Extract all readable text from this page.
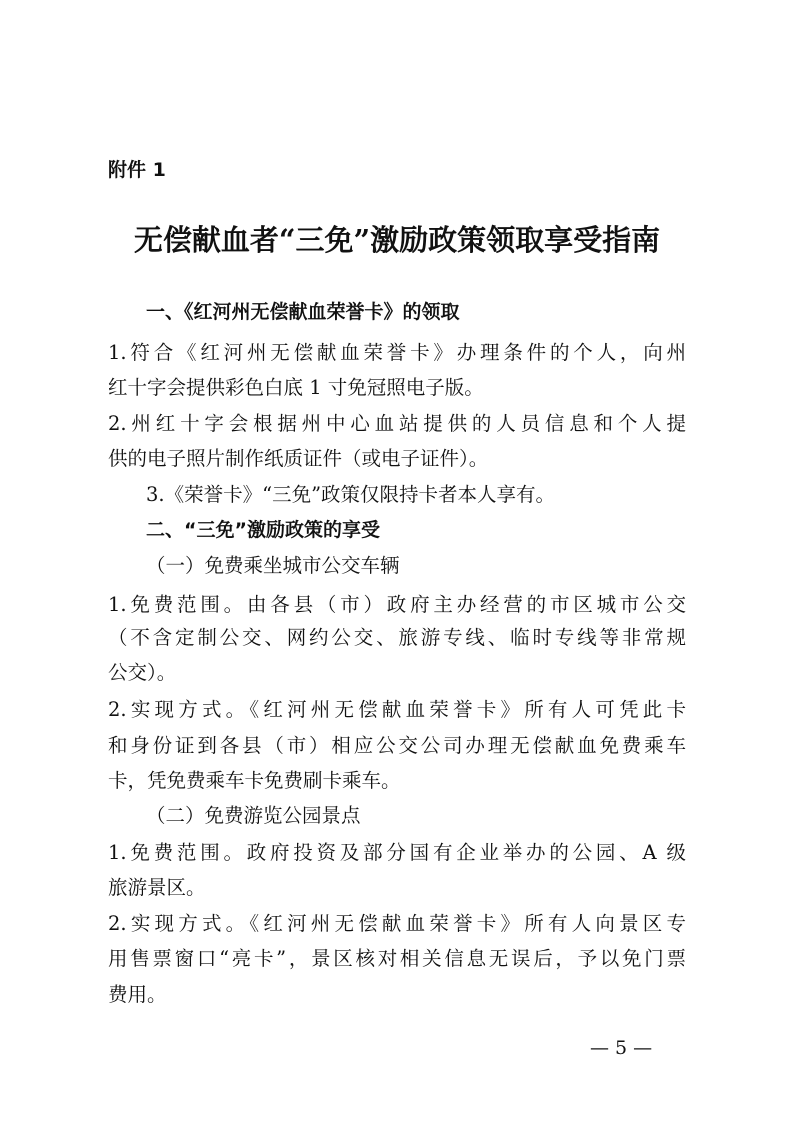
附件 1
无偿献血者“三免”激励政策领取享受指南
一、《红河州无偿献血荣誉卡》的领取
1.符合《红河州无偿献血荣誉卡》办理条件的个人，向州
红十字会提供彩色白底 1 寸免冠照电子版。
2.州红十字会根据州中心血站提供的人员信息和个人提
供的电子照片制作纸质证件（或电子证件）。
3.《荣誉卡》“三免”政策仅限持卡者本人享有。
二、“三免”激励政策的享受
（一）免费乘坐城市公交车辆
1.免费范围。由各县（市）政府主办经营的市区城市公交
（不含定制公交、网约公交、旅游专线、临时专线等非常规
公交）。
2.实现方式。《红河州无偿献血荣誉卡》所有人可凭此卡
和身份证到各县（市）相应公交公司办理无偿献血免费乘车
卡，凭免费乘车卡免费刷卡乘车。
（二）免费游览公园景点
1.免费范围。政府投资及部分国有企业举办的公园、A 级
旅游景区。
2.实现方式。《红河州无偿献血荣誉卡》所有人向景区专
用售票窗口“亮卡”，景区核对相关信息无误后，予以免门票
费用。
— 5 —
